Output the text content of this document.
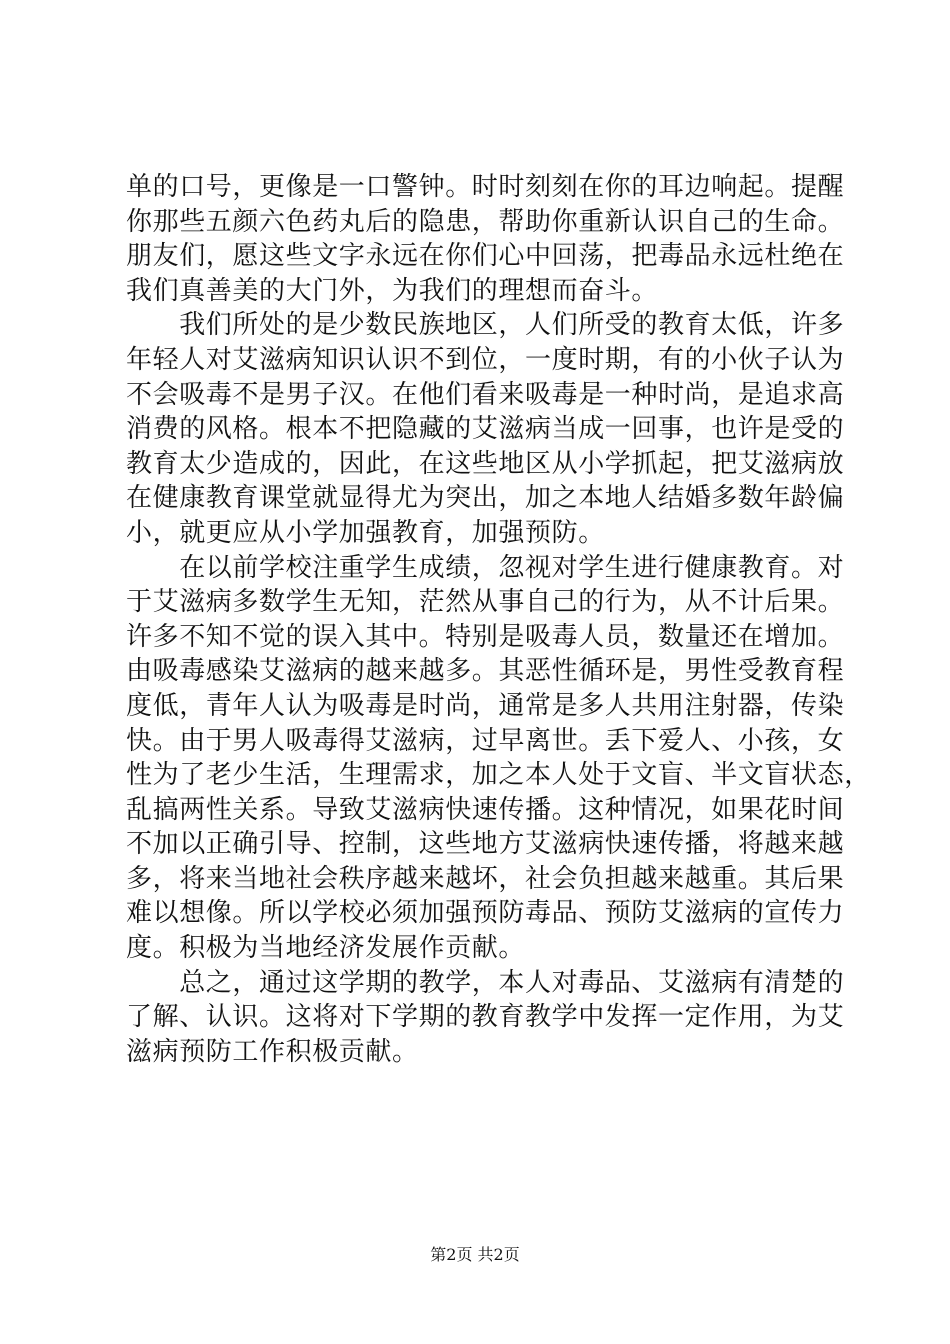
单的口号，更像是一口警钟。时时刻刻在你的耳边响起。提醒
你那些五颜六色药丸后的隐患，帮助你重新认识自己的生命。
朋友们，愿这些文字永远在你们心中回荡，把毒品永远杜绝在
我们真善美的大门外，为我们的理想而奋斗。
　　我们所处的是少数民族地区，人们所受的教育太低，许多
年轻人对艾滋病知识认识不到位，一度时期，有的小伙子认为
不会吸毒不是男子汉。在他们看来吸毒是一种时尚，是追求高
消费的风格。根本不把隐藏的艾滋病当成一回事，也许是受的
教育太少造成的，因此，在这些地区从小学抓起，把艾滋病放
在健康教育课堂就显得尤为突出，加之本地人结婚多数年龄偏
小，就更应从小学加强教育，加强预防。
　　在以前学校注重学生成绩，忽视对学生进行健康教育。对
于艾滋病多数学生无知，茫然从事自己的行为，从不计后果。
许多不知不觉的误入其中。特别是吸毒人员，数量还在增加。
由吸毒感染艾滋病的越来越多。其恶性循环是，男性受教育程
度低，青年人认为吸毒是时尚，通常是多人共用注射器，传染
快。由于男人吸毒得艾滋病，过早离世。丢下爱人、小孩，女
性为了老少生活，生理需求，加之本人处于文盲、半文盲状态，
乱搞两性关系。导致艾滋病快速传播。这种情况，如果花时间
不加以正确引导、控制，这些地方艾滋病快速传播，将越来越
多，将来当地社会秩序越来越坏，社会负担越来越重。其后果
难以想像。所以学校必须加强预防毒品、预防艾滋病的宣传力
度。积极为当地经济发展作贡献。
　　总之，通过这学期的教学，本人对毒品、艾滋病有清楚的
了解、认识。这将对下学期的教育教学中发挥一定作用，为艾
滋病预防工作积极贡献。
第2页 共2页
